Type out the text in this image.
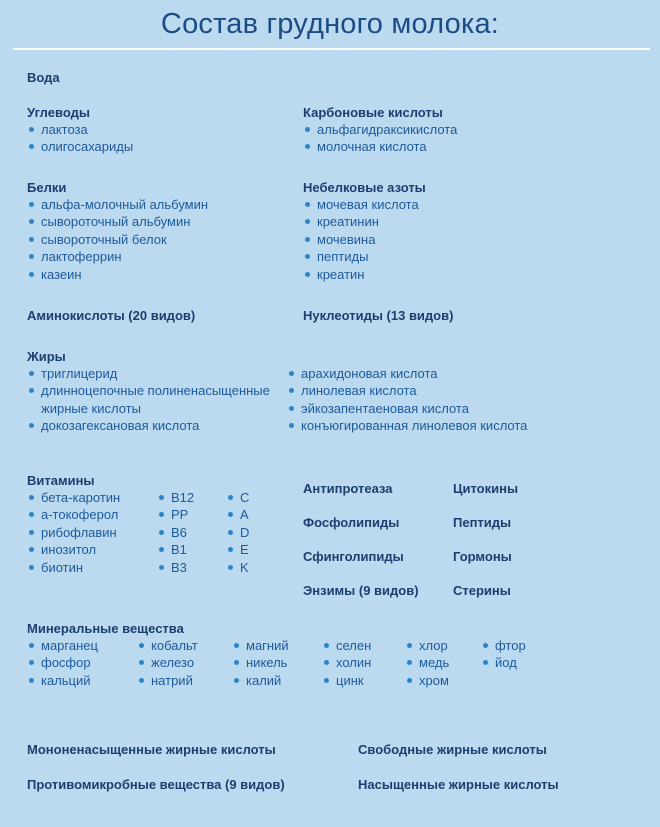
Состав грудного молока:
Вода
Углеводы
лактоза
олигосахариды
Карбоновые кислоты
альфагидраксикислота
молочная кислота
Белки
альфа-молочный альбумин
сывороточный альбумин
сывороточный белок
лактоферрин
казеин
Небелковые азоты
мочевая кислота
креатинин
мочевина
пептиды
креатин
Аминокислоты (20 видов)	Нуклеотиды (13 видов)
Жиры
триглицерид
длинноцепочные полиненасыщенные
жирные кислоты
докозагексановая кислота
арахидоновая кислота
линолевая кислота
эйкозапентаеновая кислота
конъюгированная линолевоя кислота
Витамины
бета-каротин
а-токоферол
рибофлавин
инозитол
биотин
B12
PP
B6
B1
B3
C
A
D
E
K
Антипротеаза
Фосфолипиды
Сфинголипиды
Энзимы (9 видов)
Цитокины
Пептиды
Гормоны
Стерины
Минеральные вещества
марганец
фосфор
кальций
кобальт
железо
натрий
магний
никель
калий
селен
холин
цинк
хлор
медь
хром
фтор
йод
Мононенасыщенные жирные кислоты	Свободные жирные кислоты
Противомикробные вещества (9 видов)	Насыщенные жирные кислоты
